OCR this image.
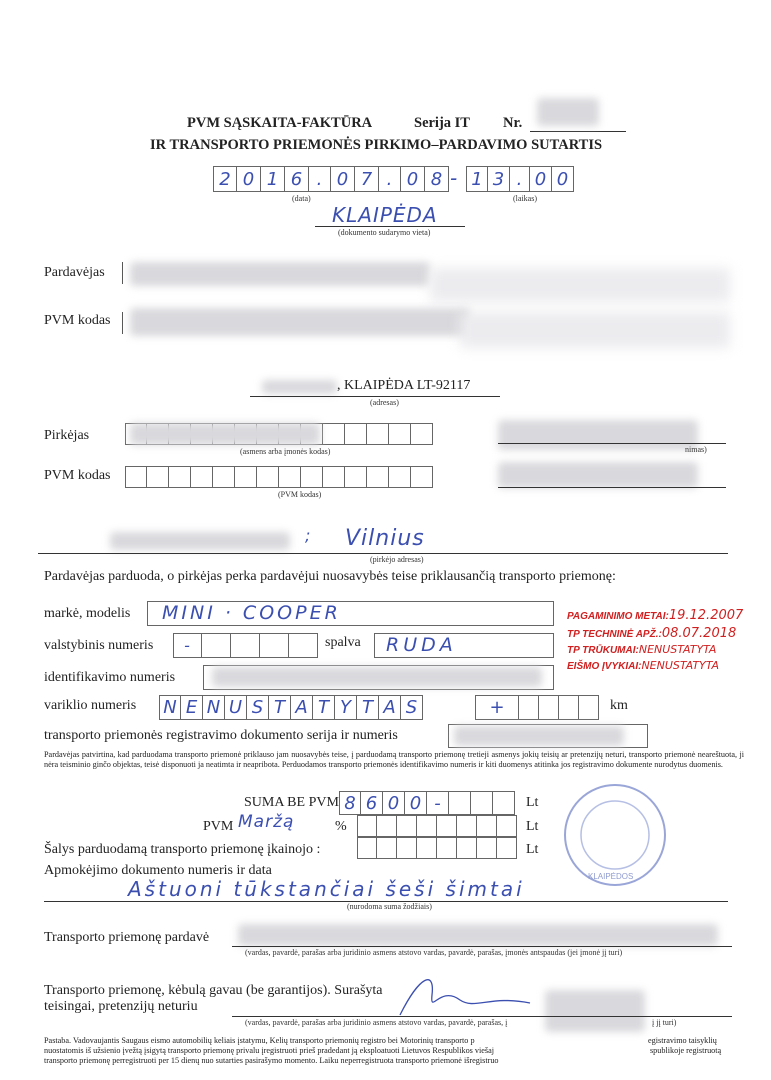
PVM SĄSKAITA-FAKTŪRA	Serija IT Nr.
IR TRANSPORTO PRIEMONĖS PIRKIMO–PARDAVIMO SUTARTIS
2 0 1 6 . 0 7 . 0 8 - 1 3 . 0 0
(data)	(laikas)
KLAIPĖDA
(dokumento sudarymo vieta)
Pardavėjas
PVM kodas
, KLAIPĖDA LT-92117
(adresas)
Pirkėjas
(asmens arba įmonės kodas)	nimas)
PVM kodas
(PVM kodas)
; Vilnius
(pirkėjo adresas)
Pardavėjas parduoda, o pirkėjas perka pardavėjui nuosavybės teise priklausančią transporto priemonę:
markė, modelis MINI · COOPER
valstybinis numeris	-	spalva RUDA
identifikavimo numeris
variklio numeris N E N U S T A T Y T A S	+	km
transporto priemonės registravimo dokumento serija ir numeris
PAGAMINIMO METAI:19.12.2007
TP TECHNINĖ APŽ.:08.07.2018
TP TRŪKUMAI:NENUSTATYTA
EIŠMO ĮVYKIAI:NENUSTATYTA
Pardavėjas patvirtina, kad parduodama transporto priemonė priklauso jam nuosavybės teise, į parduodamą transporto priemonę tretieji asmenys jokių teisių ar pretenzijų neturi, transporto priemonė neareštuota, ji nėra teisminio ginčo objektas, teisė disponuoti ja neatimta ir neapribota. Perduodamos transporto priemonės identifikavimo numeris ir kiti duomenys atitinka jos registravimo dokumente nurodytus duomenis.
SUMA BE PVM 8 6 0 0 -	Lt
PVM Maržą	%	Lt
Šalys parduodamą transporto priemonę įkainojo :	Lt
KLAIPĖDOS
Apmokėjimo dokumento numeris ir data
Aštuoni tūkstančiai šeši šimtai
(nurodoma suma žodžiais)
Transporto priemonę pardavė
(vardas, pavardė, parašas arba juridinio asmens atstovo vardas, pavardė, parašas, įmonės antspaudas (jei įmonė jį turi)
Transporto priemonę, kėbulą gavau (be garantijos). Surašyta
teisingai, pretenzijų neturiu
(vardas, pavardė, parašas arba juridinio asmens atstovo vardas, pavardė, parašas, į	į jį turi)
Pastaba. Vadovaujantis Saugaus eismo automobilių keliais įstatymu, Kelių transporto priemonių registro bei Motorinių transporto p	egistravimo taisyklių
nuostatomis iš užsienio įvežtą įsigytą transporto priemonę privalu įregistruoti prieš pradedant ją eksploatuoti Lietuvos Respublikos viešaj	spublikoje registruotą
transporto priemonę perregistruoti per 15 dienų nuo sutarties pasirašymo momento. Laiku neperregistruota transporto priemonė išregistruo
